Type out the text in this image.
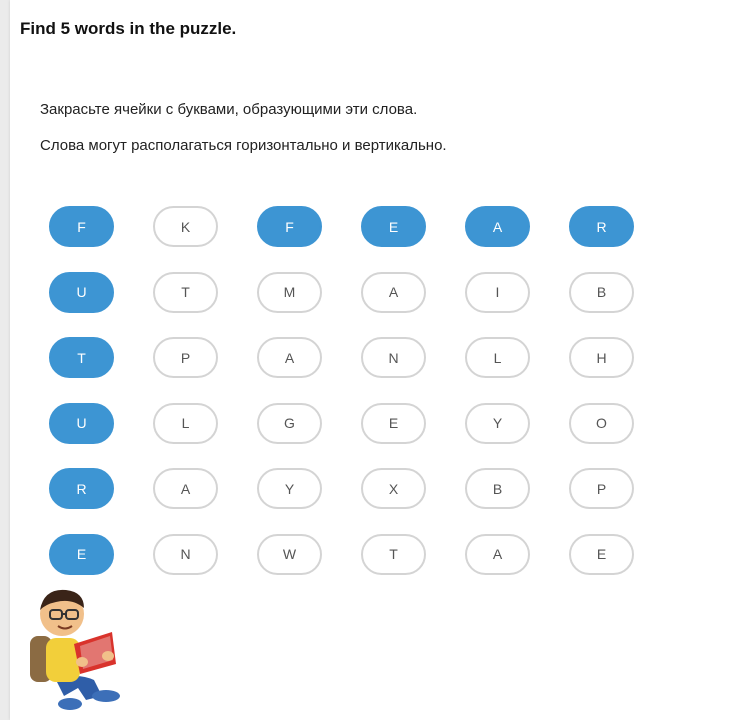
Find 5 words in the puzzle.

Закрасьте ячейки с буквами, образующими эти слова.

Слова могут располагаться горизонтально и вертикально.

F	K	F	E	A	R
U	T	M	A	I	B
T	P	A	N	L	H
U	L	G	E	Y	O
R	A	Y	X	B	P
E	N	W	T	A	E
